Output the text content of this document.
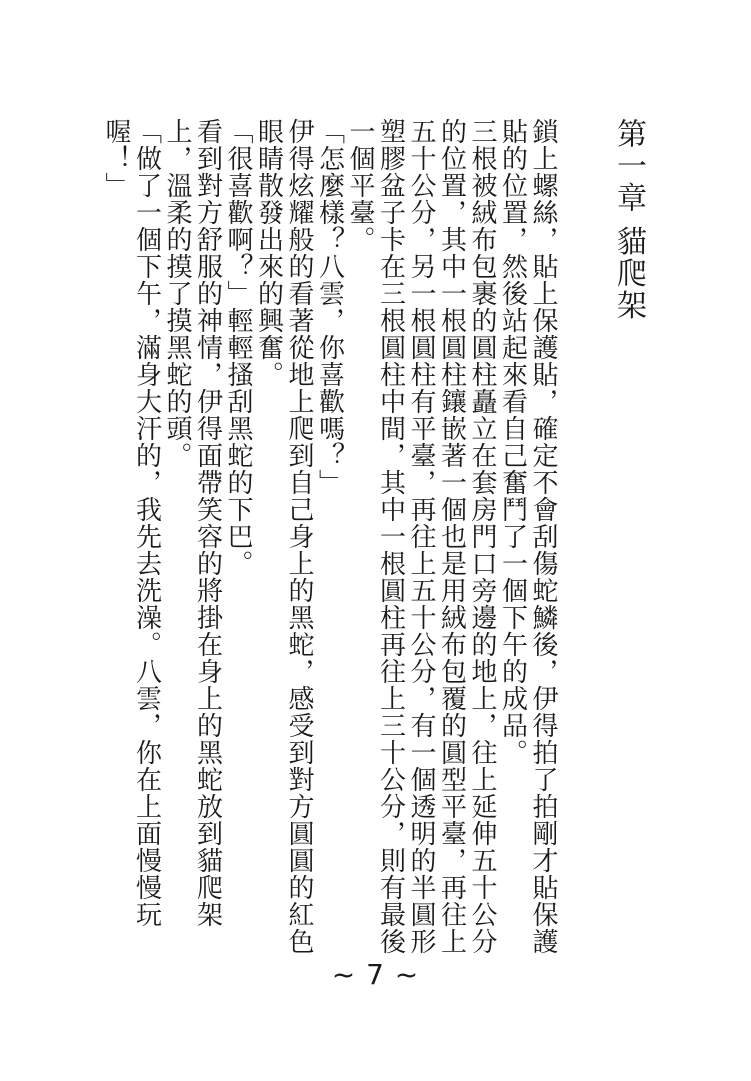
第一章 貓爬架

鎖上螺絲，貼上保護貼，確定不會刮傷蛇鱗後，伊得拍了拍剛才貼保護貼的位置，然後站起來看自己奮鬥了一個下午的成品。

三根被絨布包裹的圓柱矗立在套房門口旁邊的地上，往上延伸五十公分的位置，其中一根圓柱鑲嵌著一個也是用絨布包覆的圓型平臺，再往上五十公分，另一根圓柱有平臺，再往上五十公分，有一個透明的半圓形塑膠盆子卡在三根圓柱中間，其中一根圓柱再往上三十公分，則有最後一個平臺。

「怎麼樣？八雲，你喜歡嗎？」

伊得炫耀般的看著從地上爬到自己身上的黑蛇，感受到對方圓圓的紅色眼睛散發出來的興奮。

「很喜歡啊？」輕輕搔刮黑蛇的下巴。

看到對方舒服的神情，伊得面帶笑容的將掛在身上的黑蛇放到貓爬架上，溫柔的摸了摸黑蛇的頭。

「做了一個下午，滿身大汗的，我先去洗澡。八雲，你在上面慢慢玩喔！」

~ 7 ~
